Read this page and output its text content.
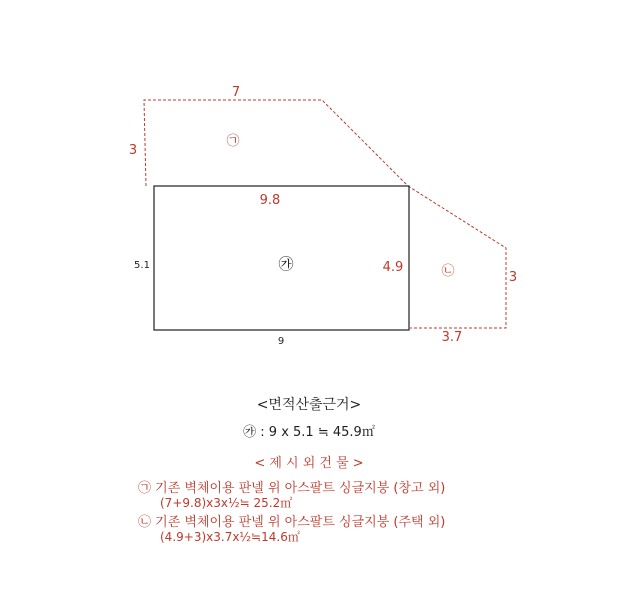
9.8
9
5.1	4.9
㉮
7
3
㉠
3
3.7
㉡
<면적산출근거>
㉮ : 9 x 5.1 ≒ 45.9㎡
< 제 시 외 건 물 >
㉠ 기존 벽체이용 판넬 위 아스팔트 싱글지붕 (창고 외)
(7+9.8)x3x½≒ 25.2㎡
㉡ 기존 벽체이용 판넬 위 아스팔트 싱글지붕 (주택 외)
(4.9+3)x3.7x½≒14.6㎡
